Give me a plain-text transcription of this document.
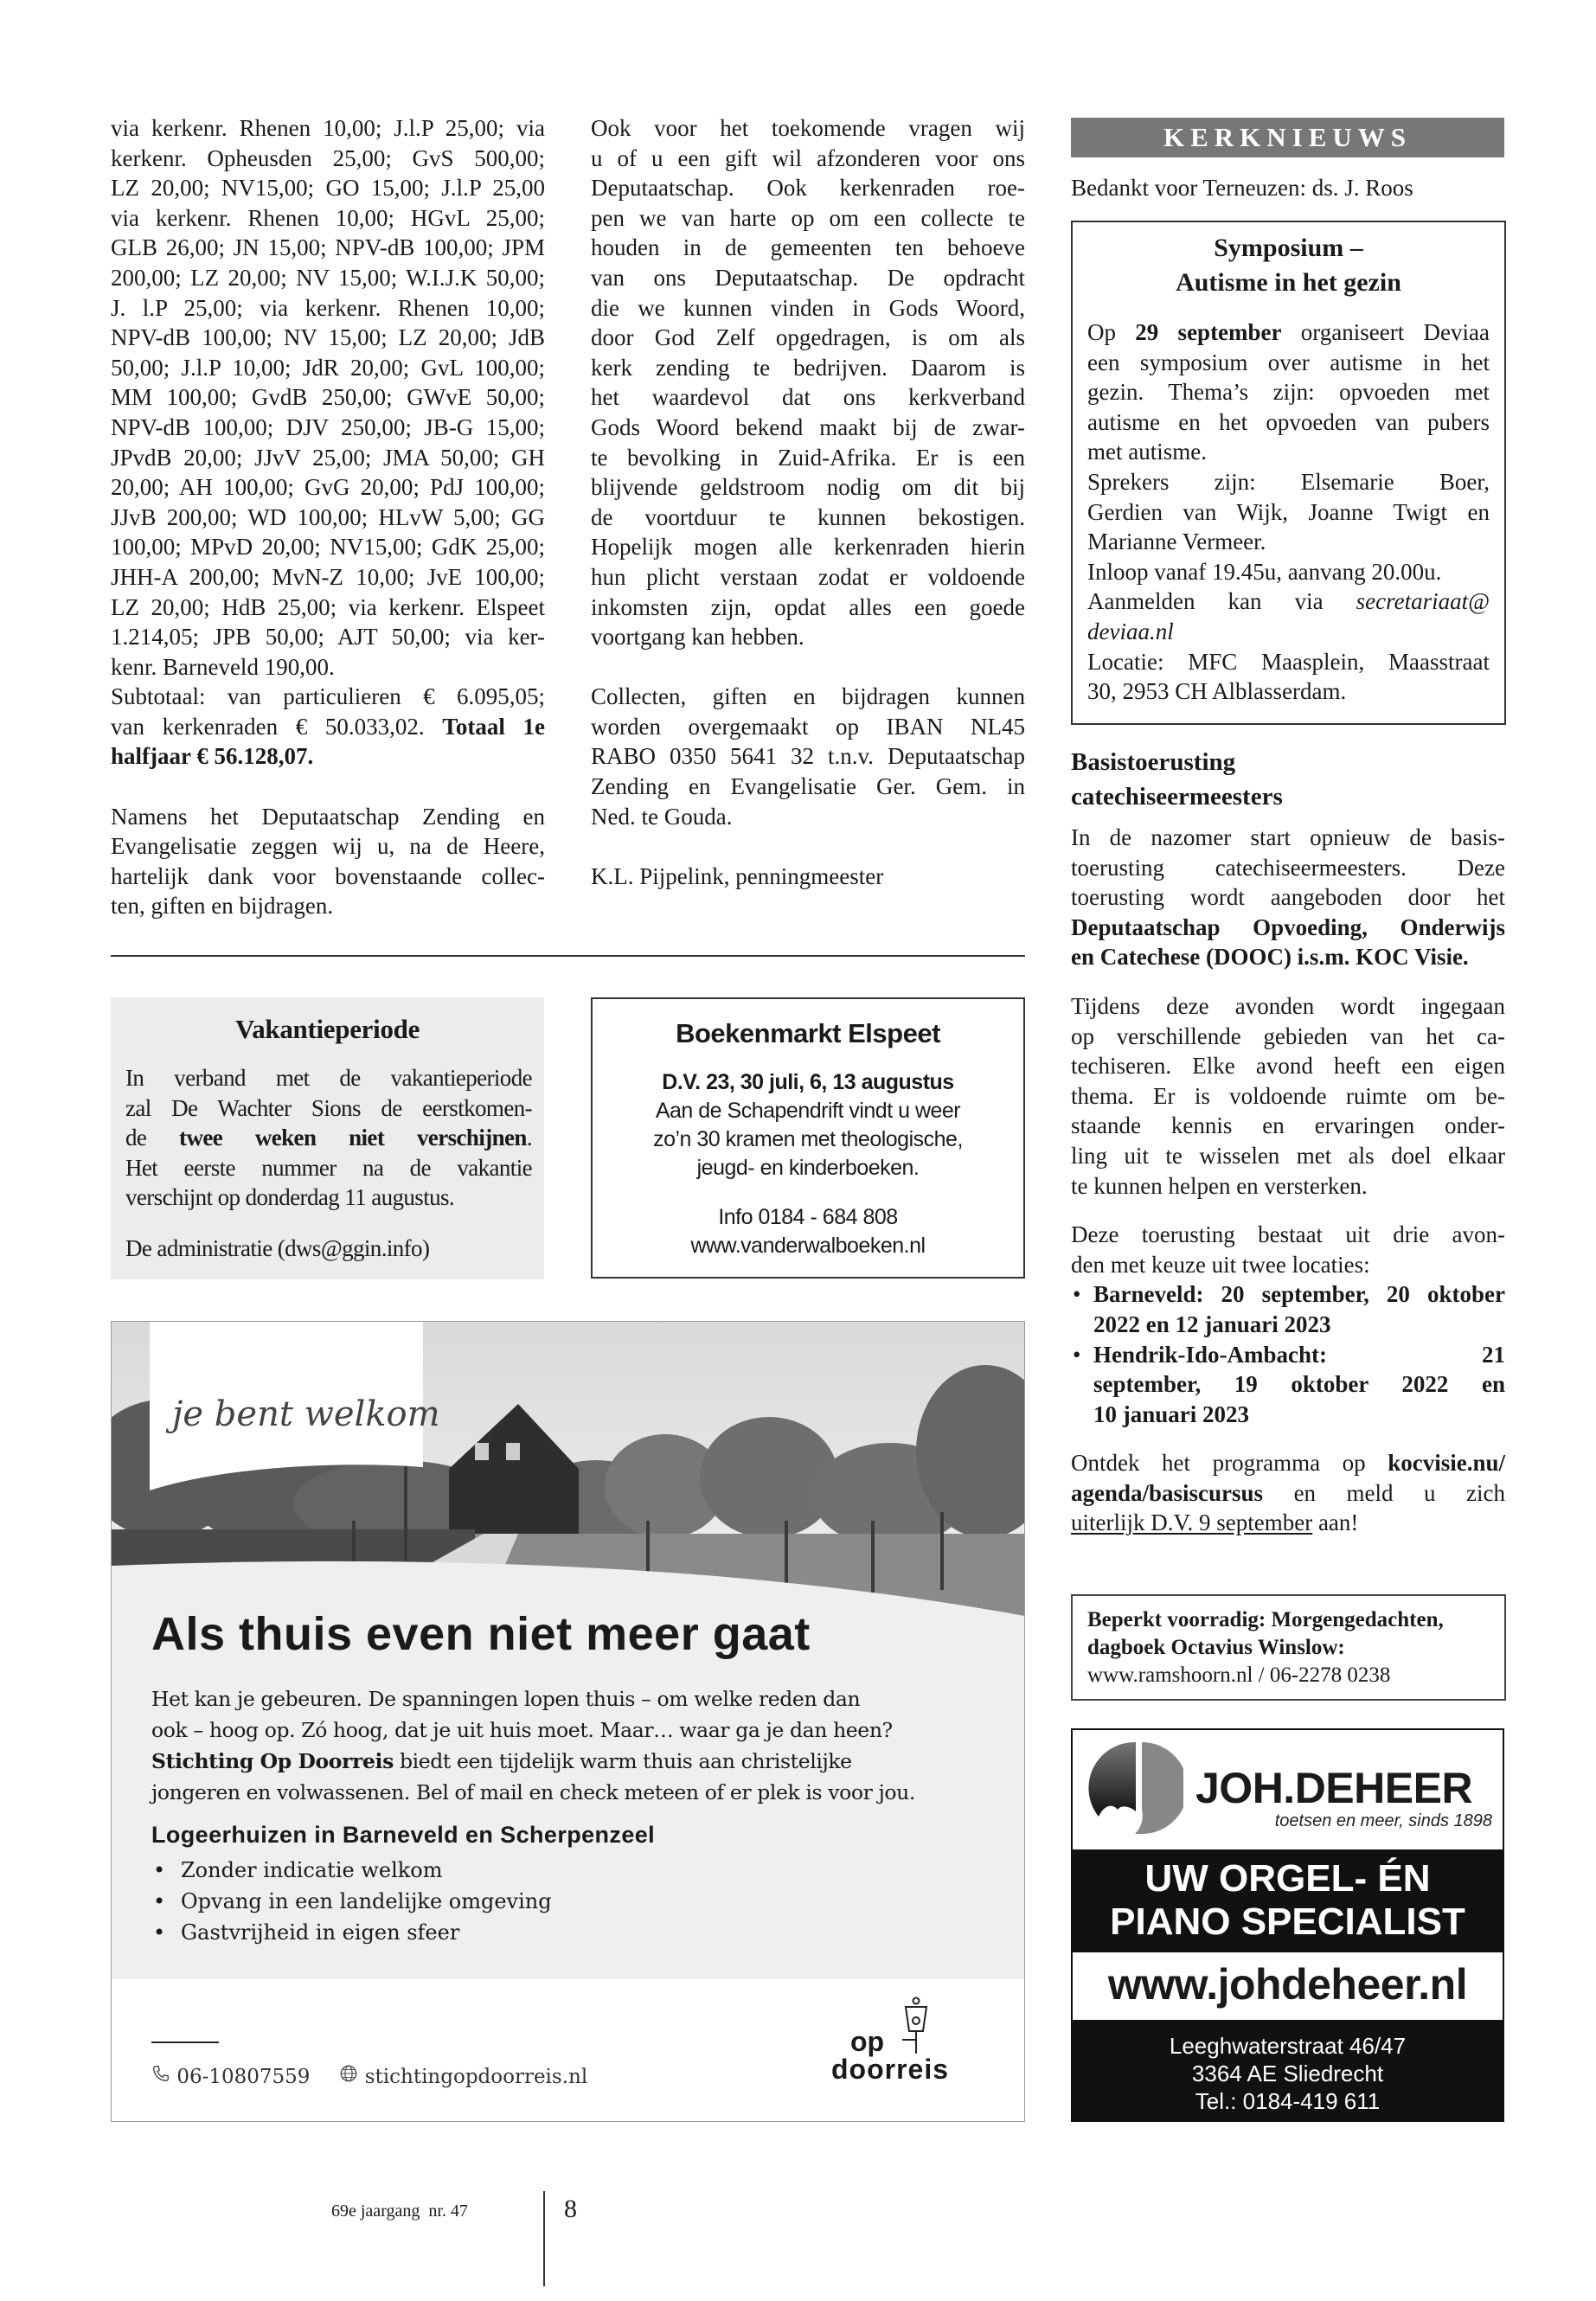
via kerkenr. Rhenen 10,00; J.l.P 25,00; via
kerkenr. Opheusden 25,00; GvS 500,00;
LZ 20,00; NV15,00; GO 15,00; J.l.P 25,00
via kerkenr. Rhenen 10,00; HGvL 25,00;
GLB 26,00; JN 15,00; NPV-dB 100,00; JPM
200,00; LZ 20,00; NV 15,00; W.I.J.K 50,00;
J. l.P 25,00; via kerkenr. Rhenen 10,00;
NPV-dB 100,00; NV 15,00; LZ 20,00; JdB
50,00; J.l.P 10,00; JdR 20,00; GvL 100,00;
MM 100,00; GvdB 250,00; GWvE 50,00;
NPV-dB 100,00; DJV 250,00; JB-G 15,00;
JPvdB 20,00; JJvV 25,00; JMA 50,00; GH
20,00; AH 100,00; GvG 20,00; PdJ 100,00;
JJvB 200,00; WD 100,00; HLvW 5,00; GG
100,00; MPvD 20,00; NV15,00; GdK 25,00;
JHH-A 200,00; MvN-Z 10,00; JvE 100,00;
LZ 20,00; HdB 25,00; via kerkenr. Elspeet
1.214,05; JPB 50,00; AJT 50,00; via ker-
kenr. Barneveld 190,00.
Subtotaal: van particulieren € 6.095,05;
van kerkenraden € 50.033,02. Totaal 1e
halfjaar € 56.128,07.
Namens het Deputaatschap Zending en
Evangelisatie zeggen wij u, na de Heere,
hartelijk dank voor bovenstaande collec-
ten, giften en bijdragen.
Ook voor het toekomende vragen wij
u of u een gift wil afzonderen voor ons
Deputaatschap. Ook kerkenraden roe-
pen we van harte op om een collecte te
houden in de gemeenten ten behoeve
van ons Deputaatschap. De opdracht
die we kunnen vinden in Gods Woord,
door God Zelf opgedragen, is om als
kerk zending te bedrijven. Daarom is
het waardevol dat ons kerkverband
Gods Woord bekend maakt bij de zwar-
te bevolking in Zuid-Afrika. Er is een
blijvende geldstroom nodig om dit bij
de voortduur te kunnen bekostigen.
Hopelijk mogen alle kerkenraden hierin
hun plicht verstaan zodat er voldoende
inkomsten zijn, opdat alles een goede
voortgang kan hebben.
Collecten, giften en bijdragen kunnen
worden overgemaakt op IBAN NL45
RABO 0350 5641 32 t.n.v. Deputaatschap
Zending en Evangelisatie Ger. Gem. in
Ned. te Gouda.
K.L. Pijpelink, penningmeester
KERKNIEUWS
Bedankt voor Terneuzen: ds. J. Roos
Symposium –
Autisme in het gezin
Op 29 september organiseert Deviaa
een symposium over autisme in het
gezin. Thema’s zijn: opvoeden met
autisme en het opvoeden van pubers
met autisme.
Sprekers zijn: Elsemarie Boer,
Gerdien van Wijk, Joanne Twigt en
Marianne Vermeer.
Inloop vanaf 19.45u, aanvang 20.00u.
Aanmelden kan via secretariaat@
deviaa.nl
Locatie: MFC Maasplein, Maasstraat
30, 2953 CH Alblasserdam.
Basistoerusting
catechiseermeesters
In de nazomer start opnieuw de basis-
toerusting catechiseermeesters. Deze
toerusting wordt aangeboden door het
Deputaatschap Opvoeding, Onderwijs
en Catechese (DOOC) i.s.m. KOC Visie.
Tijdens deze avonden wordt ingegaan
op verschillende gebieden van het ca-
techiseren. Elke avond heeft een eigen
thema. Er is voldoende ruimte om be-
staande kennis en ervaringen onder-
ling uit te wisselen met als doel elkaar
te kunnen helpen en versterken.
Deze toerusting bestaat uit drie avon-
den met keuze uit twee locaties:
• Barneveld: 20 september, 20 oktober
2022 en 12 januari 2023
• Hendrik-Ido-Ambacht: 21
september, 19 oktober 2022 en
10 januari 2023
Ontdek het programma op kocvisie.nu/
agenda/basiscursus en meld u zich
uiterlijk D.V. 9 september aan!
Beperkt voorradig: Morgengedachten,
dagboek Octavius Winslow:
www.ramshoorn.nl / 06-2278 0238
Vakantieperiode
In verband met de vakantieperiode
zal De Wachter Sions de eerstkomen-
de twee weken niet verschijnen.
Het eerste nummer na de vakantie
verschijnt op donderdag 11 augustus.
De administratie (dws@ggin.info)
Boekenmarkt Elspeet
D.V. 23, 30 juli, 6, 13 augustus
Aan de Schapendrift vindt u weer
zo’n 30 kramen met theologische,
jeugd- en kinderboeken.
Info 0184 - 684 808
www.vanderwalboeken.nl
je bent welkom
Als thuis even niet meer gaat
Het kan je gebeuren. De spanningen lopen thuis – om welke reden dan
ook – hoog op. Zó hoog, dat je uit huis moet. Maar… waar ga je dan heen?
Stichting Op Doorreis biedt een tijdelijk warm thuis aan christelijke
jongeren en volwassenen. Bel of mail en check meteen of er plek is voor jou.
Logeerhuizen in Barneveld en Scherpenzeel
• Zonder indicatie welkom
• Opvang in een landelijke omgeving
• Gastvrijheid in eigen sfeer
06-10807559	stichtingopdoorreis.nl
op
doorreis
JOH.DEHEER
toetsen en meer, sinds 1898
UW ORGEL- ÉN
PIANO SPECIALIST
www.johdeheer.nl
Leeghwaterstraat 46/47
3364 AE Sliedrecht
Tel.: 0184-419 611
69e jaargang  nr. 47	8
